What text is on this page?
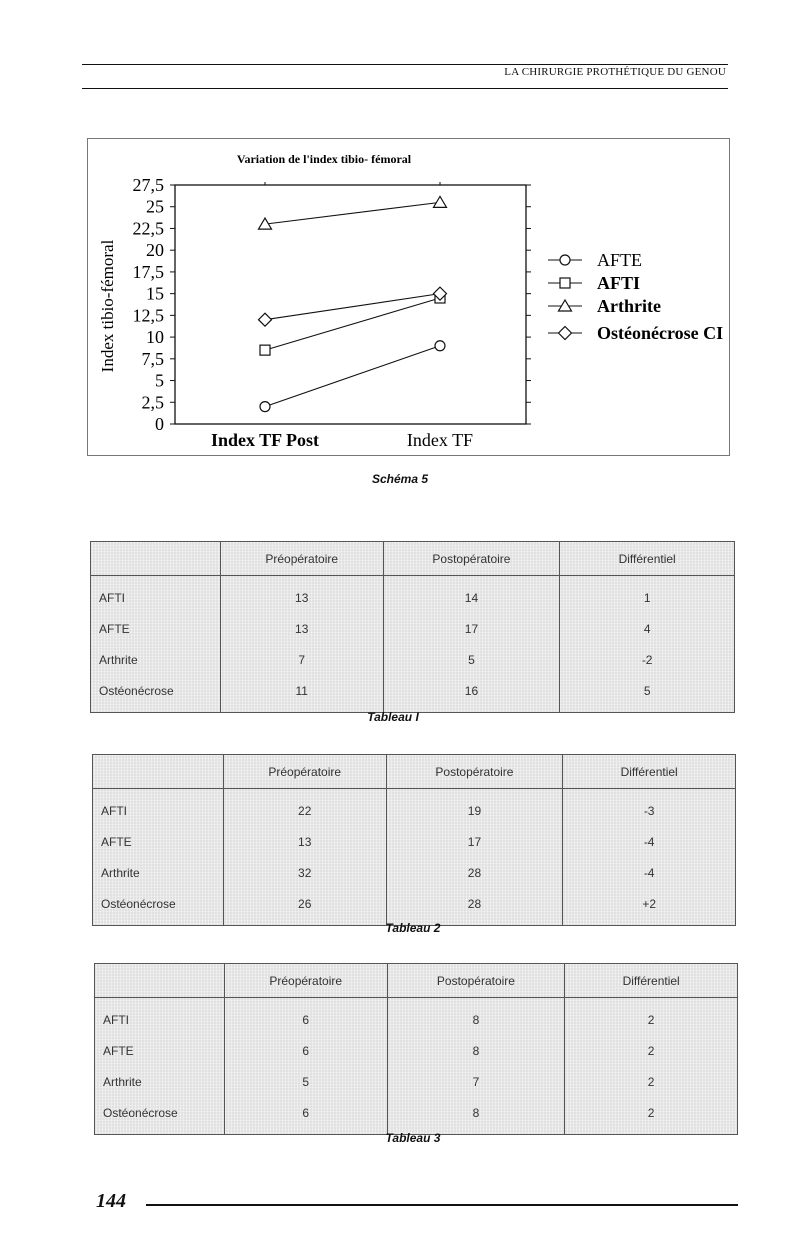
LA CHIRURGIE PROTHÉTIQUE DU GENOU
Variation de l'index tibio- fémoral
Index tibio-fémoral
0
2,5
5
7,5
10
12,5
15
17,5
20
22,5
25
27,5
Index TF Post	Index TF
AFTE
AFTI
Arthrite
Ostéonécrose CI
Schéma 5
	Préopératoire	Postopératoire	Différentiel
AFTI	13	14	1
AFTE	13	17	4
Arthrite	7	5	-2
Ostéonécrose	11	16	5
Tableau I
	Préopératoire	Postopératoire	Différentiel
AFTI	22	19	-3
AFTE	13	17	-4
Arthrite	32	28	-4
Ostéonécrose	26	28	+2
Tableau 2
	Préopératoire	Postopératoire	Différentiel
AFTI	6	8	2
AFTE	6	8	2
Arthrite	5	7	2
Ostéonécrose	6	8	2
Tableau 3
144
